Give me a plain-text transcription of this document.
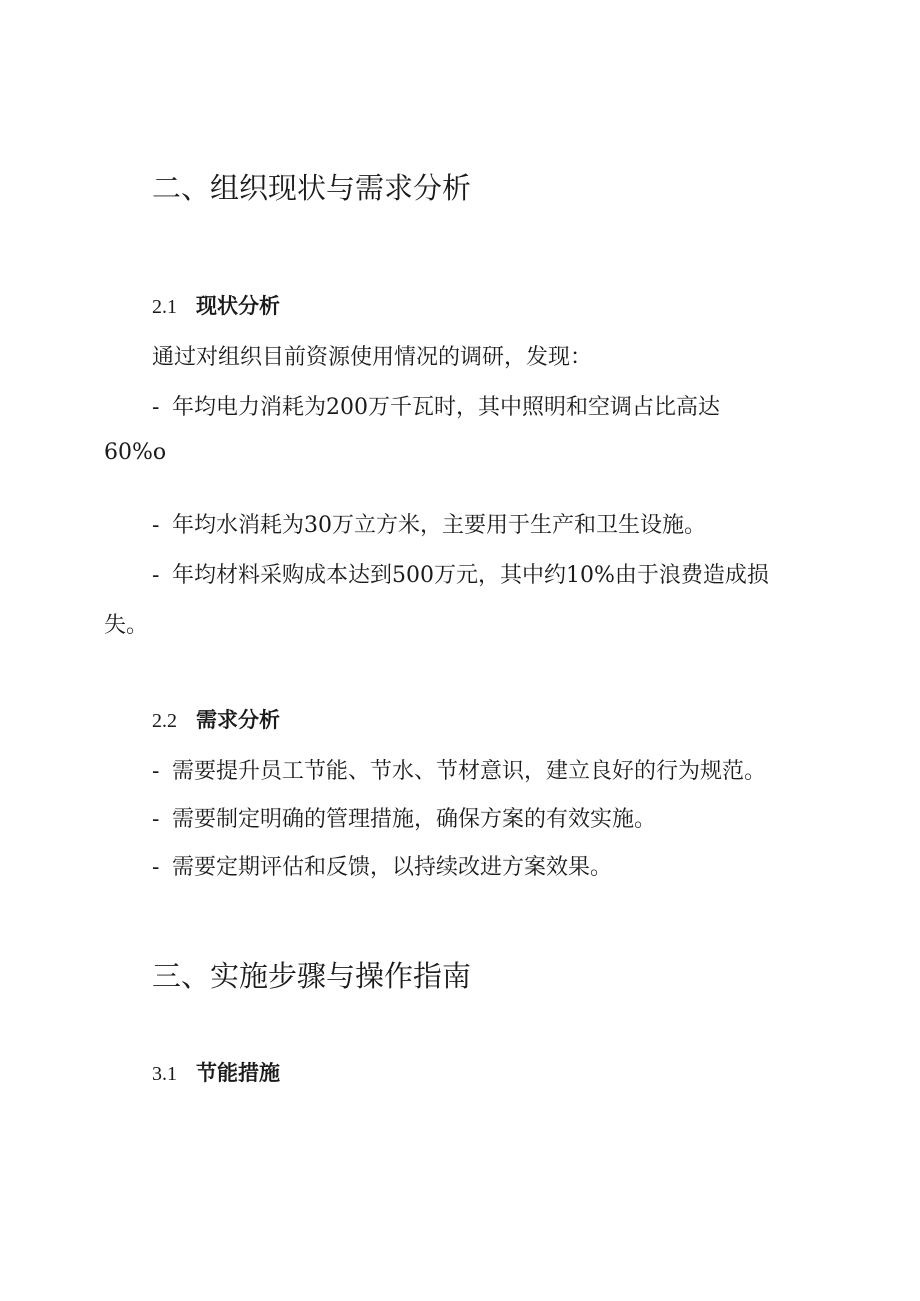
二、组织现状与需求分析
2.1 现状分析

通过对组织目前资源使用情况的调研，发现：

- 年均电力消耗为200万千瓦时，其中照明和空调占比高达

60%o

- 年均水消耗为30万立方米，主要用于生产和卫生设施。

- 年均材料采购成本达到500万元，其中约10%由于浪费造成损

失。

2.2 需求分析

- 需要提升员工节能、节水、节材意识，建立良好的行为规范。

- 需要制定明确的管理措施，确保方案的有效实施。

- 需要定期评估和反馈，以持续改进方案效果。

三、实施步骤与操作指南
3.1 节能措施
